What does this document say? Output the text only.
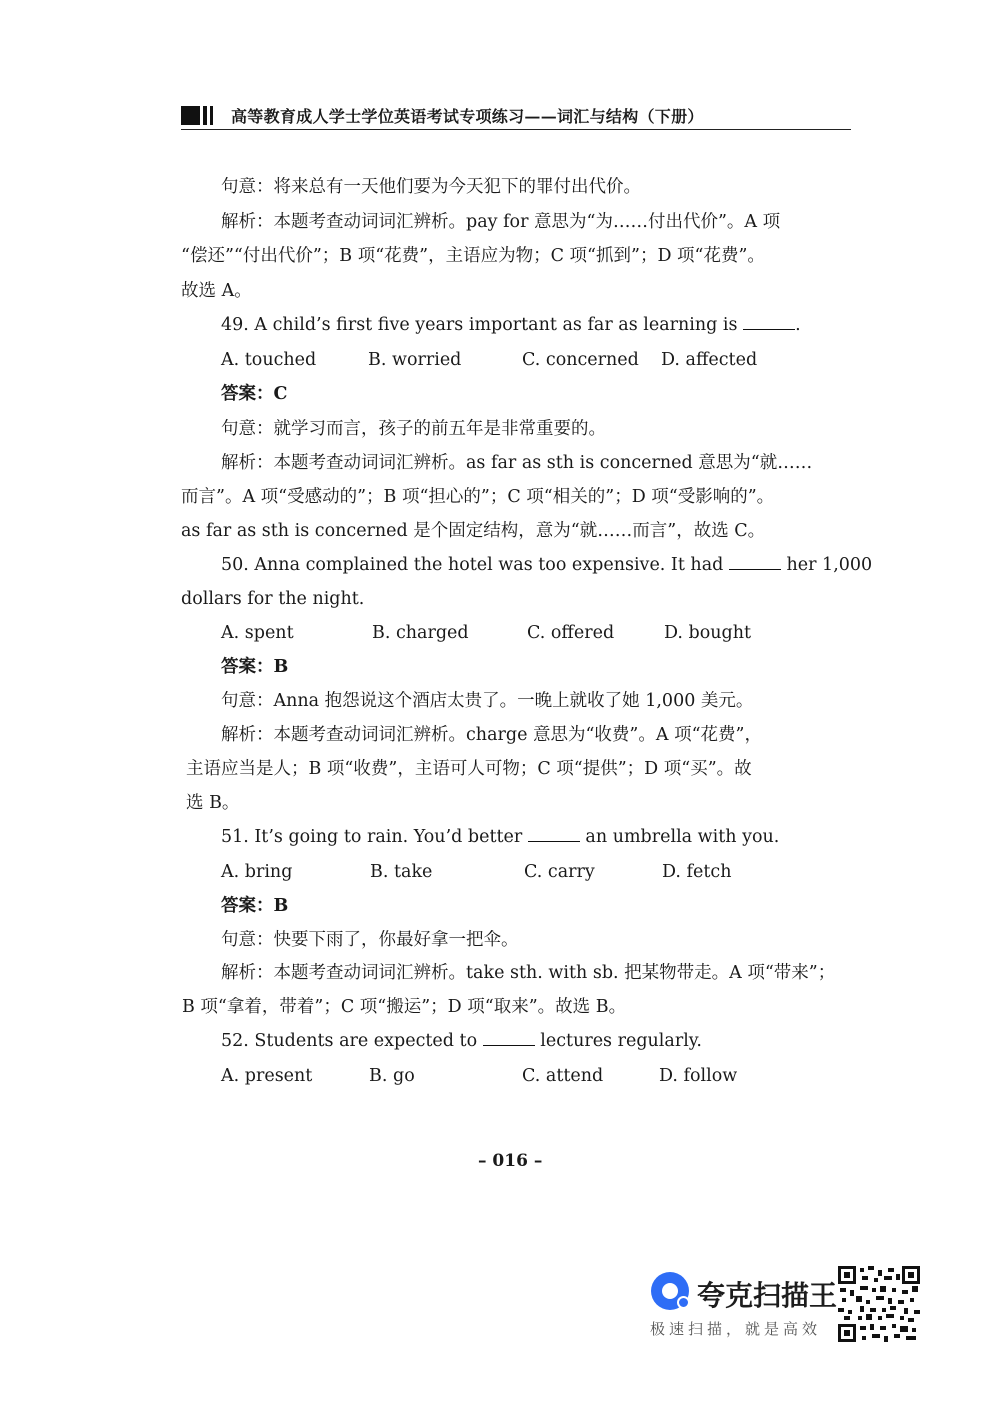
高等教育成人学士学位英语考试专项练习——词汇与结构（下册）
句意：将来总有一天他们要为今天犯下的罪付出代价。
解析：本题考查动词词汇辨析。pay for 意思为“为……付出代价”。A 项
“偿还”“付出代价”；B 项“花费”，主语应为物；C 项“抓到”；D 项“花费”。
故选 A。
49. A child’s first five years important as far as learning is	.
A. touched	B. worried	C. concerned D. affected
答案：C
句意：就学习而言，孩子的前五年是非常重要的。
解析：本题考查动词词汇辨析。as far as sth is concerned 意思为“就……
而言”。A 项“受感动的”；B 项“担心的”；C 项“相关的”；D 项“受影响的”。
as far as sth is concerned 是个固定结构，意为“就……而言”，故选 C。
50. Anna complained the hotel was too expensive. It had	her 1,000
dollars for the night.
A. spent	B. charged	C. offered	D. bought
答案：B
句意：Anna 抱怨说这个酒店太贵了。一晚上就收了她 1,000 美元。
解析：本题考查动词词汇辨析。charge 意思为“收费”。A 项“花费”，
主语应当是人；B 项“收费”，主语可人可物；C 项“提供”；D 项“买”。故
选 B。
51. It’s going to rain. You’d better	an umbrella with you.
A. bring	B. take	C. carry	D. fetch
答案：B
句意：快要下雨了，你最好拿一把伞。
解析：本题考查动词词汇辨析。take sth. with sb. 把某物带走。A 项“带来”；
B 项“拿着，带着”；C 项“搬运”；D 项“取来”。故选 B。
52. Students are expected to	lectures regularly.
A. present	B. go	C. attend	D. follow
– 016 –
夸克扫描王
极速扫描，就是高效
